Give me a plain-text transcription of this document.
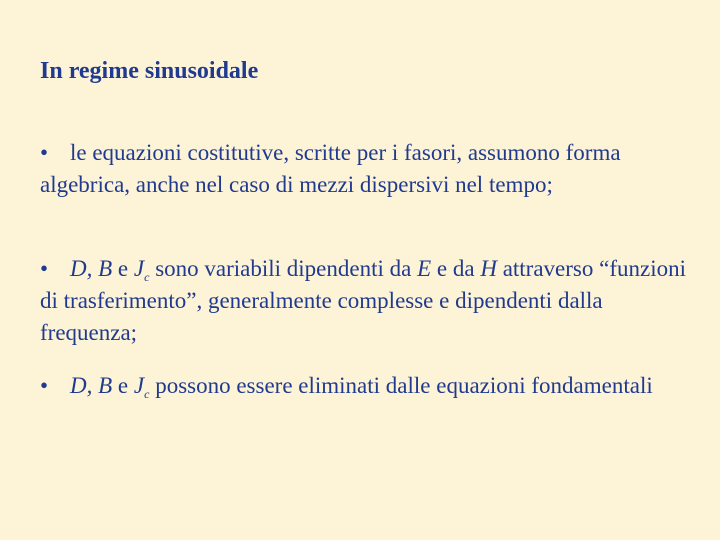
In regime sinusoidale
• le equazioni costitutive, scritte per i fasori, assumono forma algebrica, anche nel caso di mezzi dispersivi nel tempo;
• D, B e $J_c$ sono variabili dipendenti da E e da H attraverso “funzioni di trasferimento”, generalmente complesse e dipendenti dalla frequenza;
• D, B e $J_c$ possono essere eliminati dalle equazioni fondamentali
